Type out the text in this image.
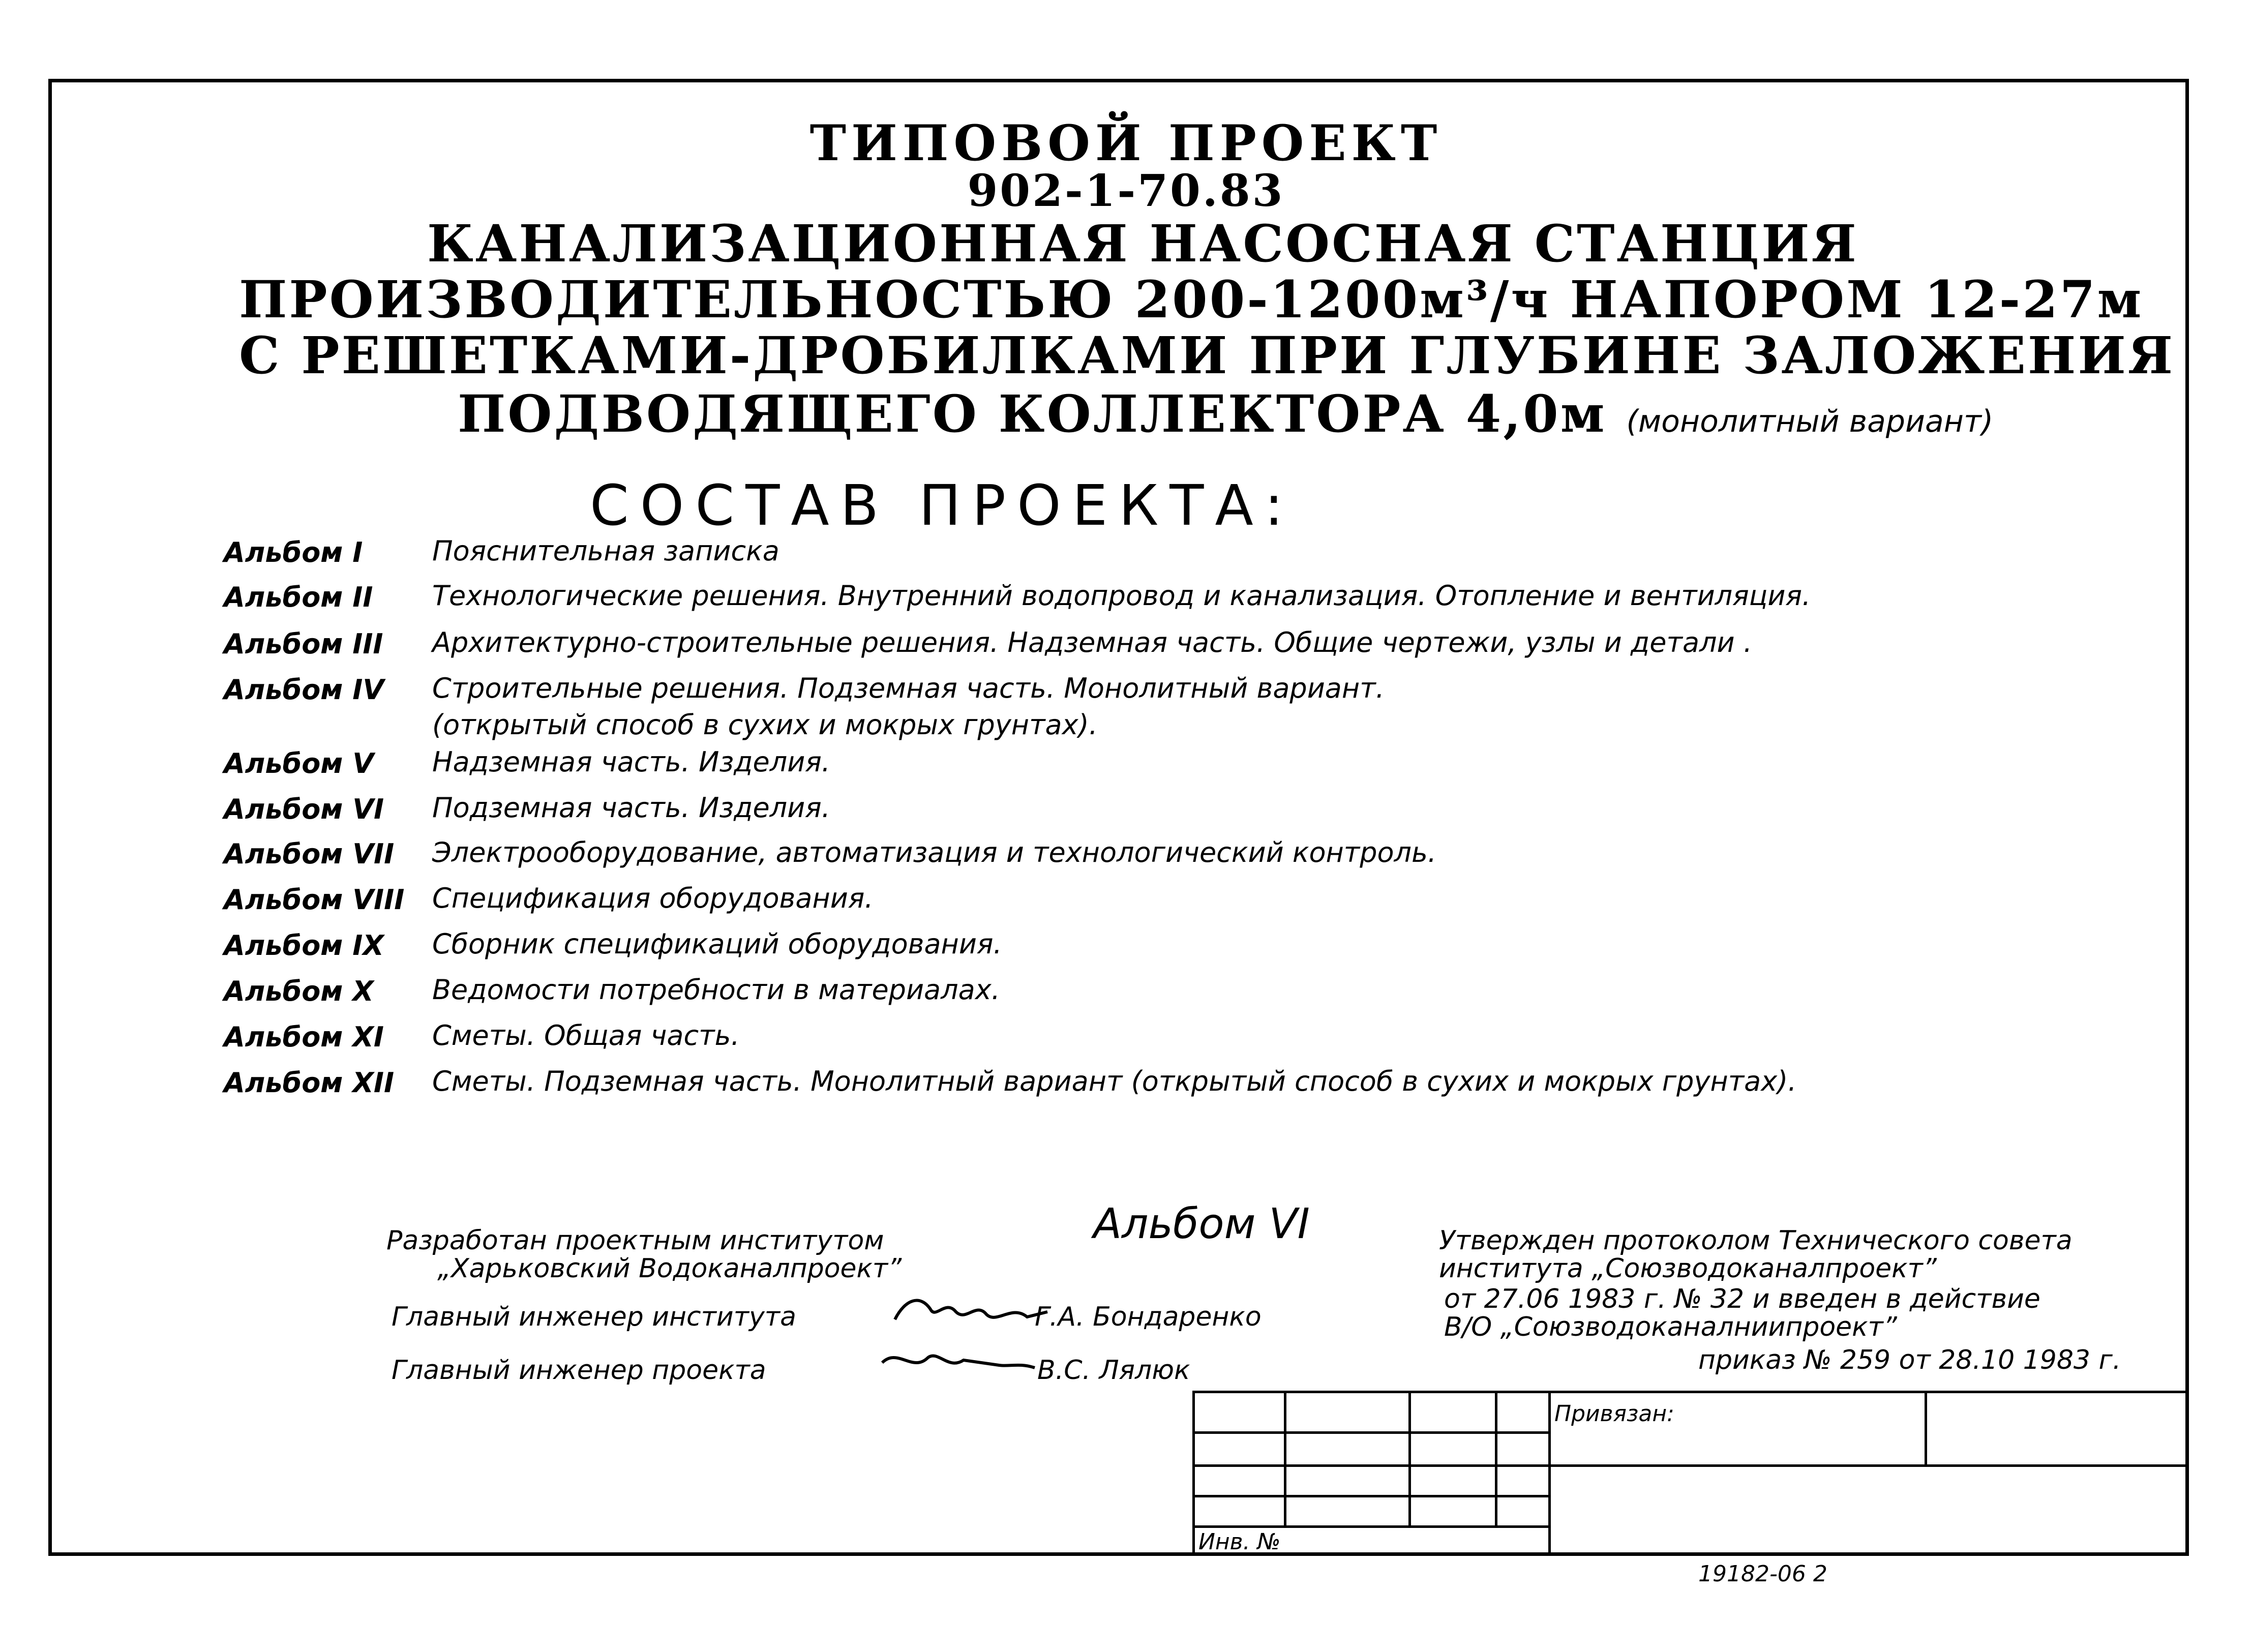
ТИПОВОЙ ПРОЕКТ
902-1-70.83
КАНАЛИЗАЦИОННАЯ НАСОСНАЯ СТАНЦИЯ
ПРОИЗВОДИТЕЛЬНОСТЬЮ 200-1200м³/ч НАПОРОМ 12-27м
С РЕШЕТКАМИ-ДРОБИЛКАМИ ПРИ ГЛУБИНЕ ЗАЛОЖЕНИЯ
ПОДВОДЯЩЕГО КОЛЛЕКТОРА 4,0м (монолитный вариант)
СОСТАВ ПРОЕКТА:
Альбом I	Пояснительная записка
Альбом II Технологические решения. Внутренний водопровод и канализация. Отопление и вентиляция.
Альбом III Архитектурно-строительные решения. Надземная часть. Общие чертежи, узлы и детали .
Альбом IV Строительные решения. Подземная часть. Монолитный вариант.
(открытый способ в сухих и мокрых грунтах).
Альбом V Надземная часть. Изделия.
Альбом VI Подземная часть. Изделия.
Альбом VII Электрооборудование, автоматизация и технологический контроль.
Альбом VIII Спецификация оборудования.
Альбом IX Сборник спецификаций оборудования.
Альбом X Ведомости потребности в материалах.
Альбом XI Сметы. Общая часть.
Альбом XII Сметы. Подземная часть. Монолитный вариант (открытый способ в сухих и мокрых грунтах).
Альбом VI
Разработан проектным институтом
„Харьковский Водоканалпроект”
Главный инженер института	Г.А. Бондаренко
Главный инженер проекта	В.С. Лялюк
Утвержден протоколом Технического совета
института „Союзводоканалпроект”
от 27.06 1983 г. № 32 и введен в действие
В/О „Союзводоканалниипроект”
приказ № 259 от 28.10 1983 г.
Привязан:
Инв. №
19182-06 2
